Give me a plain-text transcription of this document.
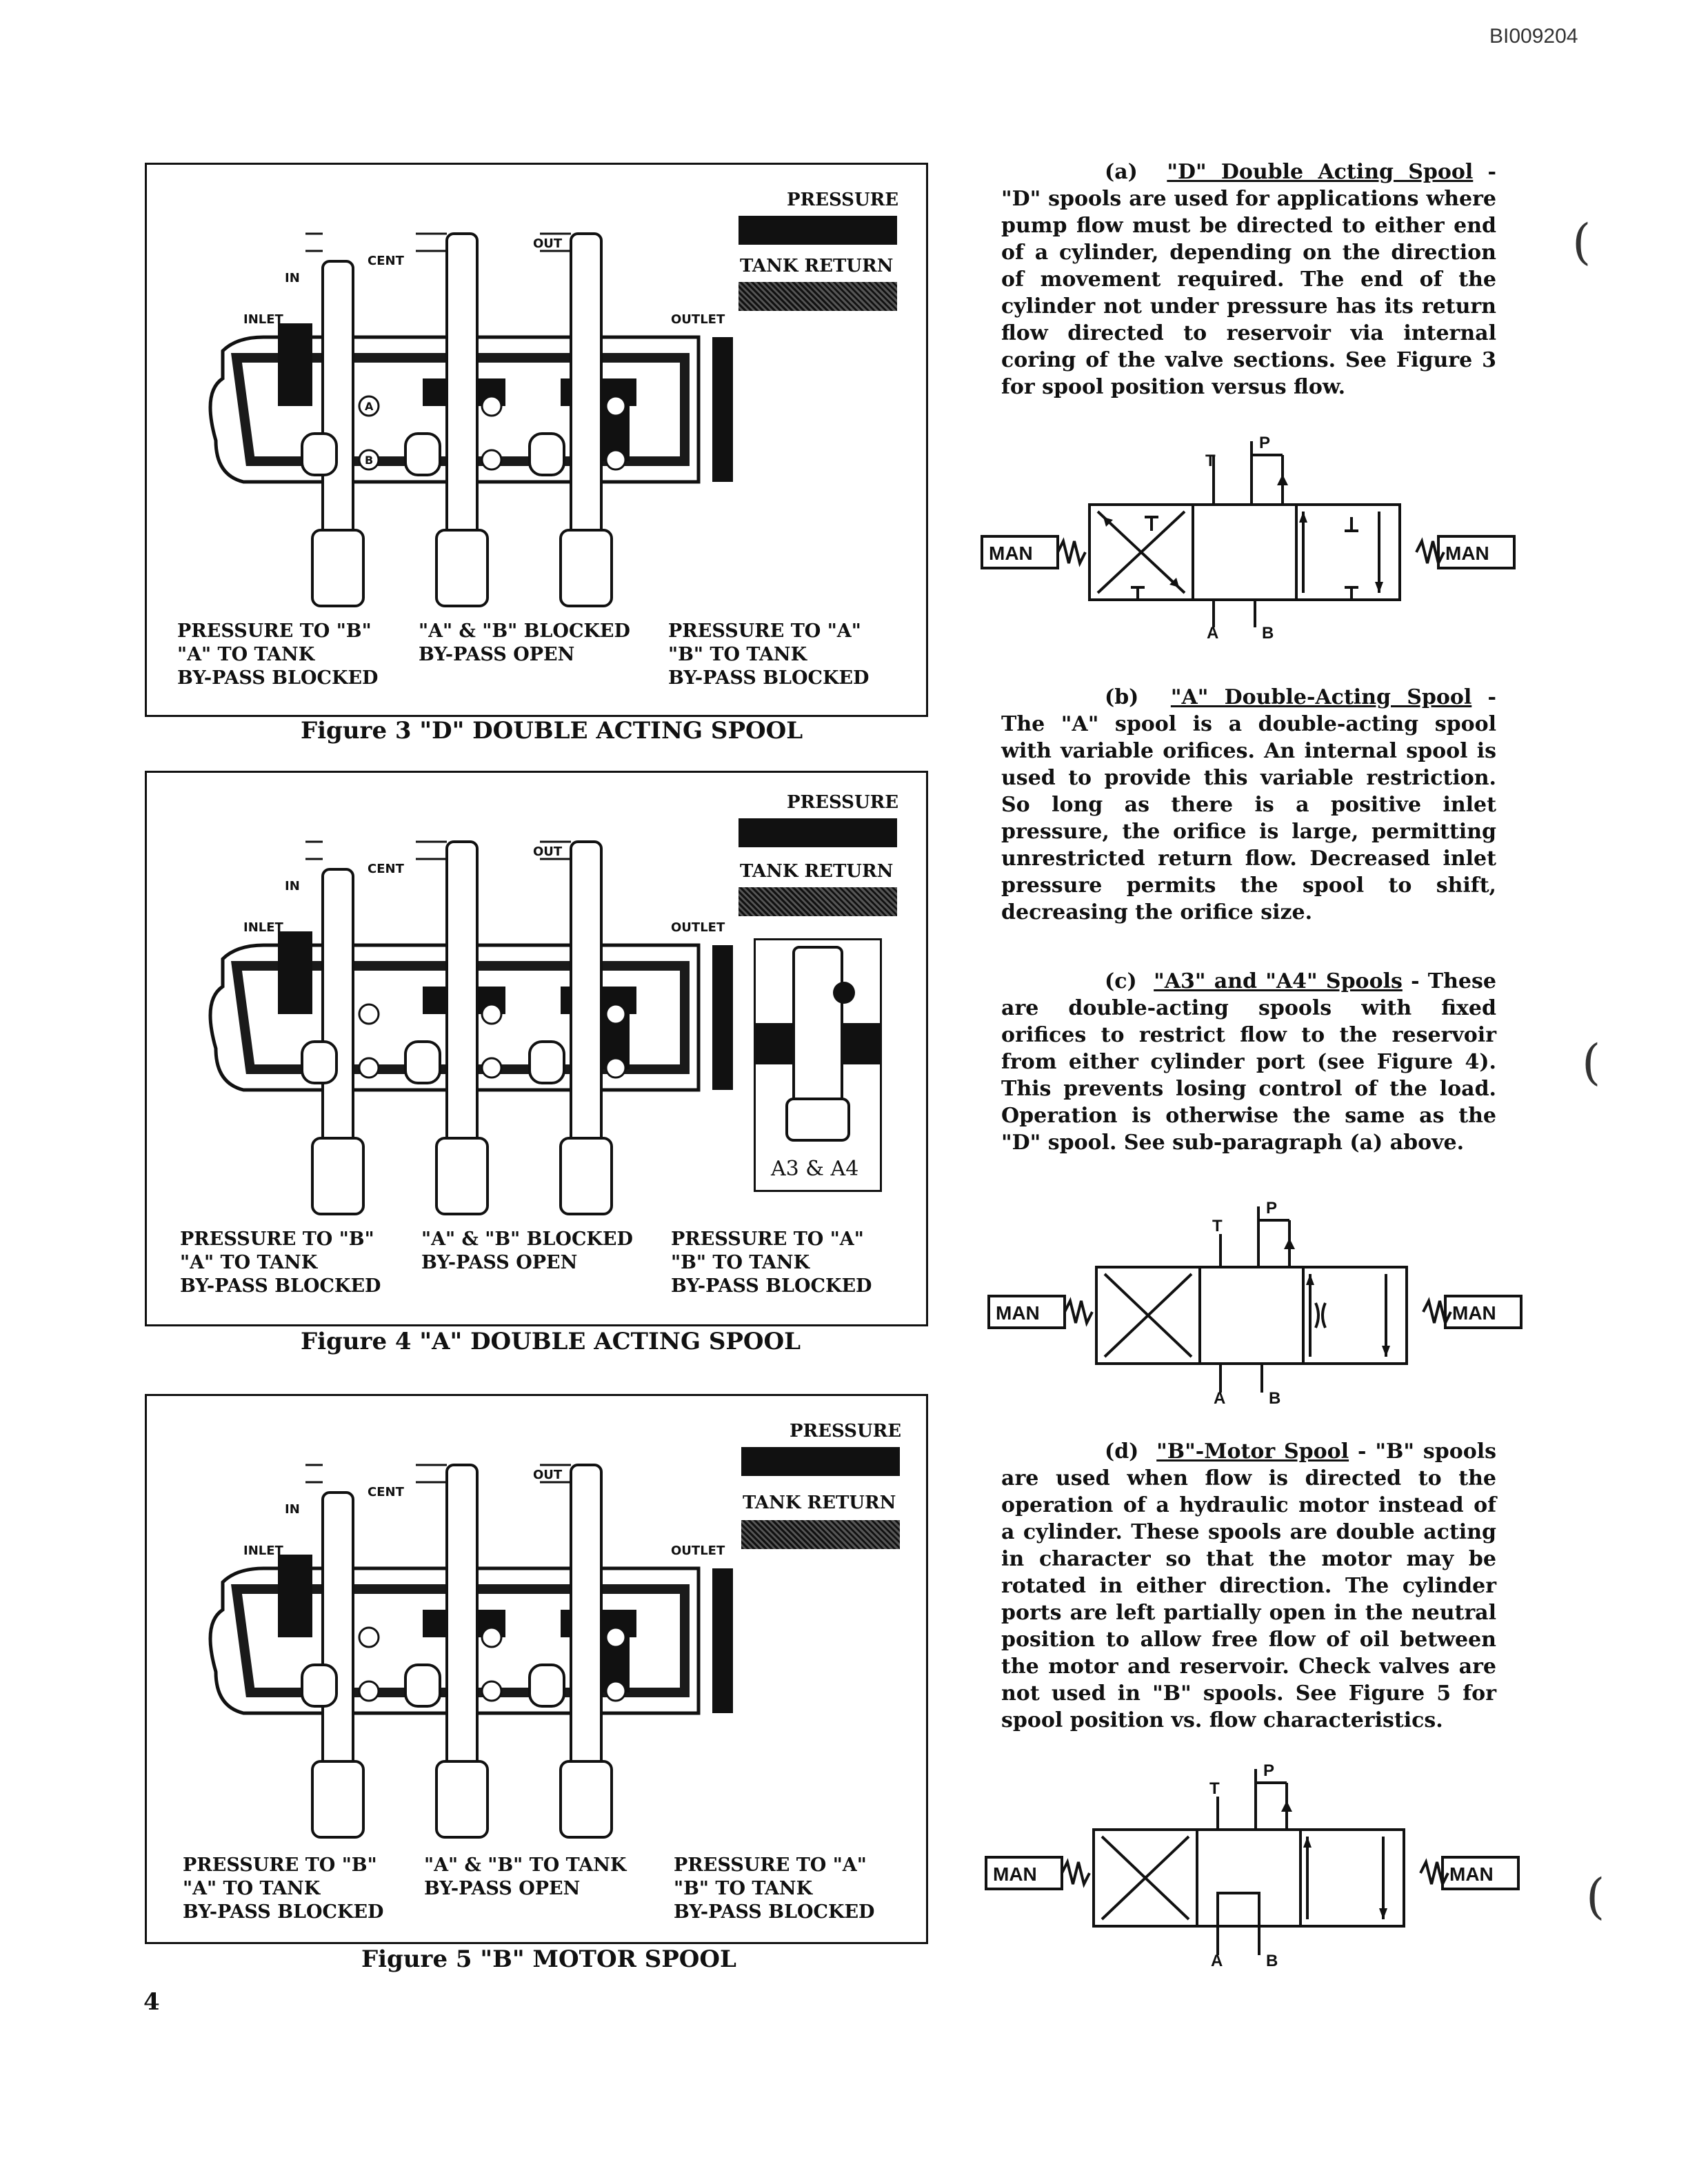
BI009204
IN
CENT
OUT
INLET	OUTLET
A
B
PRESSURE
TANK RETURN
PRESSURE TO "B"
"A" TO TANK
BY-PASS BLOCKED
"A" & "B" BLOCKED
BY-PASS OPEN
PRESSURE TO "A"
"B" TO TANK
BY-PASS BLOCKED
Figure 3 "D" DOUBLE ACTING SPOOL
IN
CENT
OUT
INLET	OUTLET
PRESSURE
TANK RETURN
A3 & A4
PRESSURE TO "B"
"A" TO TANK
BY-PASS BLOCKED
"A" & "B" BLOCKED
BY-PASS OPEN
PRESSURE TO "A"
"B" TO TANK
BY-PASS BLOCKED
Figure 4 "A" DOUBLE ACTING SPOOL
IN
CENT
OUT
INLET	OUTLET
PRESSURE
TANK RETURN
PRESSURE TO "B"
"A" TO TANK
BY-PASS BLOCKED
"A" & "B" TO TANK
BY-PASS OPEN
PRESSURE TO "A"
"B" TO TANK
BY-PASS BLOCKED
Figure 5 "B" MOTOR SPOOL
4
(a) "D" Double Acting Spool - "D" spools are used for applications where pump flow must be directed to either end of a cylinder, depending on the direction of movement required. The end of the cylinder not under pressure has its return flow directed to reservoir via internal coring of the valve sections. See Figure 3 for spool position versus flow.
(b) "A" Double-Acting Spool - The "A" spool is a double-acting spool with variable orifices. An internal spool is used to provide this variable restriction. So long as there is a positive inlet pressure, the orifice is large, permitting unrestricted return flow. Decreased inlet pressure permits the spool to shift, decreasing the orifice size.
(c) "A3" and "A4" Spools - These are double-acting spools with fixed orifices to restrict flow to the reservoir from either cylinder port (see Figure 4). This prevents losing control of the load. Operation is otherwise the same as the "D" spool. See sub-paragraph (a) above.
(d) "B"-Motor Spool - "B" spools are used when flow is directed to the operation of a hydraulic motor instead of a cylinder. These spools are double acting in character so that the motor may be rotated in either direction. The cylinder ports are left partially open in the neutral position to allow free flow of oil between the motor and reservoir. Check valves are not used in "B" spools. See Figure 5 for spool position vs. flow characteristics.
MAN	MAN
T
P
A	B
MAN	MAN
T
P
A	B
MAN	MAN
T
P
A	B
(
(
(
